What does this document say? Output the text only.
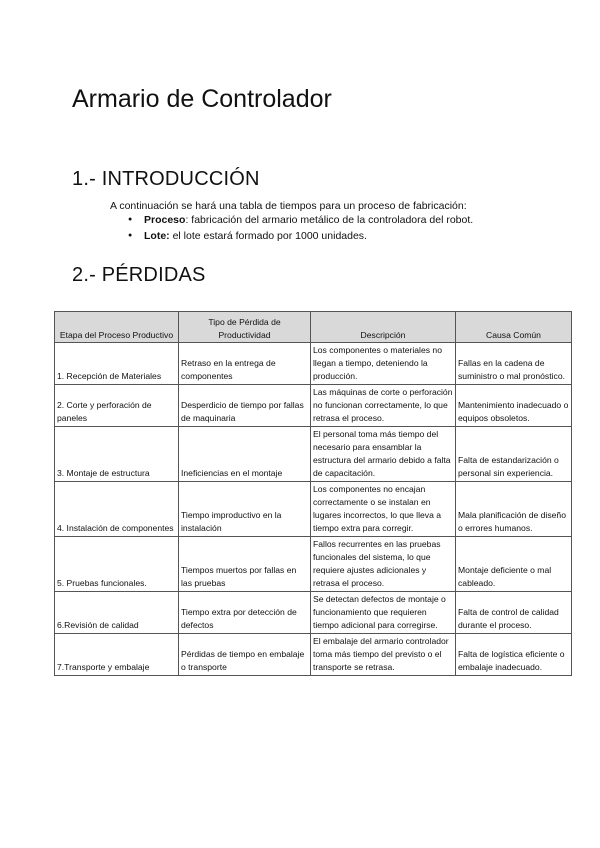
Armario de Controlador
1.- INTRODUCCIÓN
A continuación se hará una tabla de tiempos para un proceso de fabricación:
● Proceso: fabricación del armario metálico de la controladora del robot.
● Lote: el lote estará formado por 1000 unidades.
2.- PÉRDIDAS
Etapa del Proceso Productivo	Tipo de Pérdida de Productividad	Descripción	Causa Común
1. Recepción de Materiales	Retraso en la entrega de componentes	Los componentes o materiales no llegan a tiempo, deteniendo la producción.	Fallas en la cadena de suministro o mal pronóstico.
2. Corte y perforación de paneles	Desperdicio de tiempo por fallas de maquinaria	Las máquinas de corte o perforación no funcionan correctamente, lo que retrasa el proceso.	Mantenimiento inadecuado o equipos obsoletos.
3. Montaje de estructura	Ineficiencias en el montaje	El personal toma más tiempo del necesario para ensamblar la estructura del armario debido a falta de capacitación.	Falta de estandarización o personal sin experiencia.
4. Instalación de componentes	Tiempo improductivo en la instalación	Los componentes no encajan correctamente o se instalan en lugares incorrectos, lo que lleva a tiempo extra para corregir.	Mala planificación de diseño o errores humanos.
5. Pruebas funcionales.	Tiempos muertos por fallas en las pruebas	Fallos recurrentes en las pruebas funcionales del sistema, lo que requiere ajustes adicionales y retrasa el proceso.	Montaje deficiente o mal cableado.
6.Revisión de calidad	Tiempo extra por detección de defectos	Se detectan defectos de montaje o funcionamiento que requieren tiempo adicional para corregirse.	Falta de control de calidad durante el proceso.
7.Transporte y embalaje	Pérdidas de tiempo en embalaje o transporte	El embalaje del armario controlador toma más tiempo del previsto o el transporte se retrasa.	Falta de logística eficiente o embalaje inadecuado.
